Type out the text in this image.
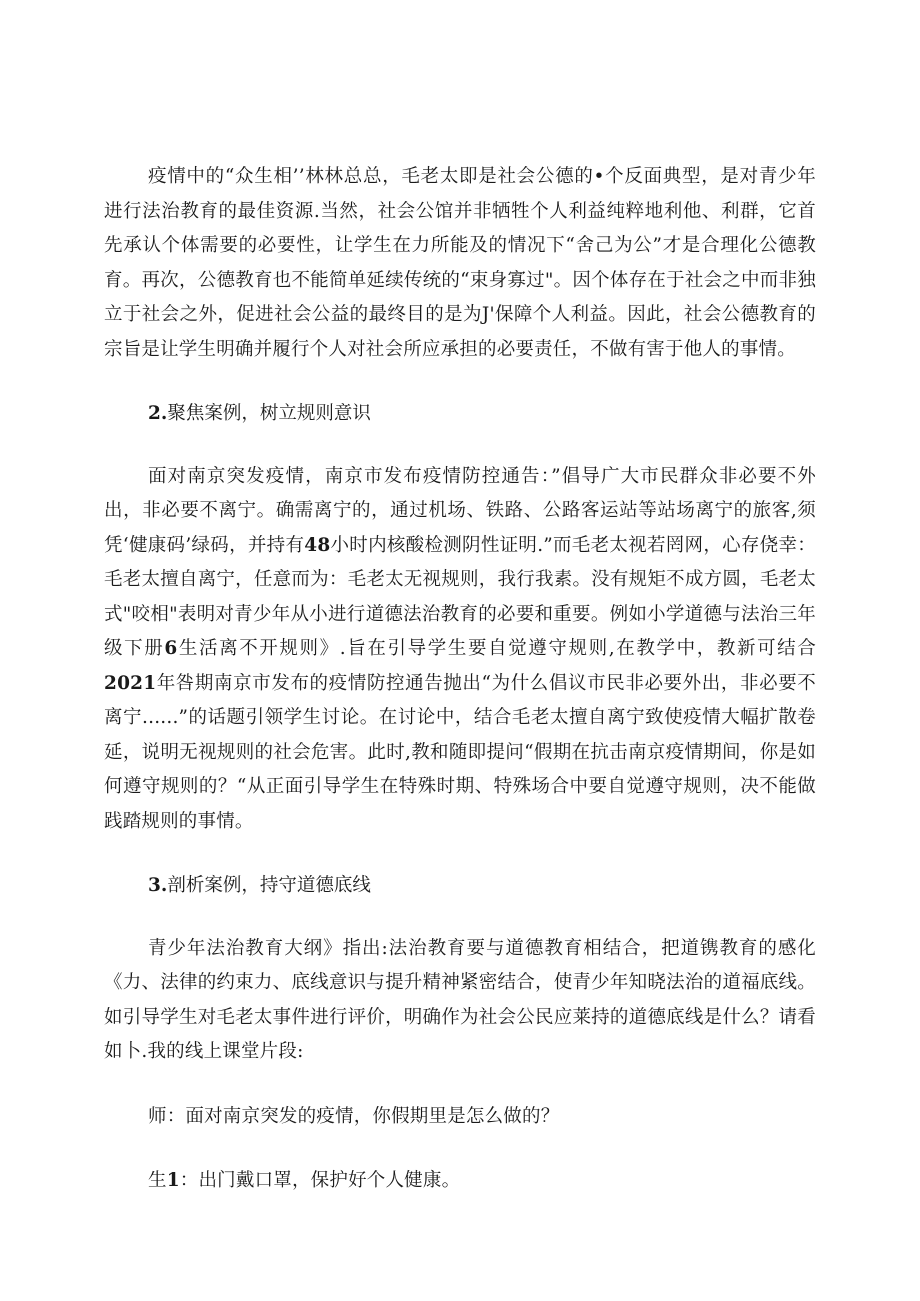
疫情中的“众生相’’林林总总，毛老太即是社会公德的•个反面典型，是对青少年进行法治教育的最佳资源.当然，社会公馆并非牺牲个人利益纯粹地利他、利群，它首先承认个体需要的必要性，让学生在力所能及的情况下“舍己为公”才是合理化公德教育。再次，公德教育也不能简单延续传统的“束身寡过"。因个体存在于社会之中而非独立于社会之外，促进社会公益的最终目的是为J'保障个人利益。因此，社会公德教育的宗旨是让学生明确并履行个人对社会所应承担的必要责任，不做有害于他人的事情。

2.聚焦案例，树立规则意识

面对南京突发疫情，南京市发布疫情防控通告：”倡导广大市民群众非必要不外出，非必要不离宁。确需离宁的，通过机场、铁路、公路客运站等站场离宁的旅客,须凭‘健康码’绿码，并持有48小时内核酸检测阴性证明.”而毛老太视若罔网，心存侥幸：毛老太擅自离宁，任意而为：毛老太无视规则，我行我素。没有规矩不成方圆，毛老太式"咬相"表明对青少年从小进行道德法治教育的必要和重要。例如小学道德与法治三年级下册6生活离不开规则》.旨在引导学生要自觉遵守规则,在教学中，教新可结合2021年咎期南京市发布的疫情防控通告抛出“为什么倡议市民非必要外出，非必要不离宁......”的话题引领学生讨论。在讨论中，结合毛老太擅自离宁致使疫情大幅扩散卷延，说明无视规则的社会危害。此时,教和随即提问“假期在抗击南京疫情期间，你是如何遵守规则的？“从正面引导学生在特殊时期、特殊场合中要自觉遵守规则，决不能做践踏规则的事情。

3.剖析案例，持守道德底线

青少年法治教育大纲》指出:法治教育要与道德教育相结合，把道镌教育的感化《力、法律的约束力、底线意识与提升精神紧密结合，使青少年知晓法治的道福底线。如引导学生对毛老太事件进行评价，明确作为社会公民应莱持的道德底线是什么？请看如卜.我的线上课堂片段:

师：面对南京突发的疫情，你假期里是怎么做的？

生1：出门戴口罩，保护好个人健康。
